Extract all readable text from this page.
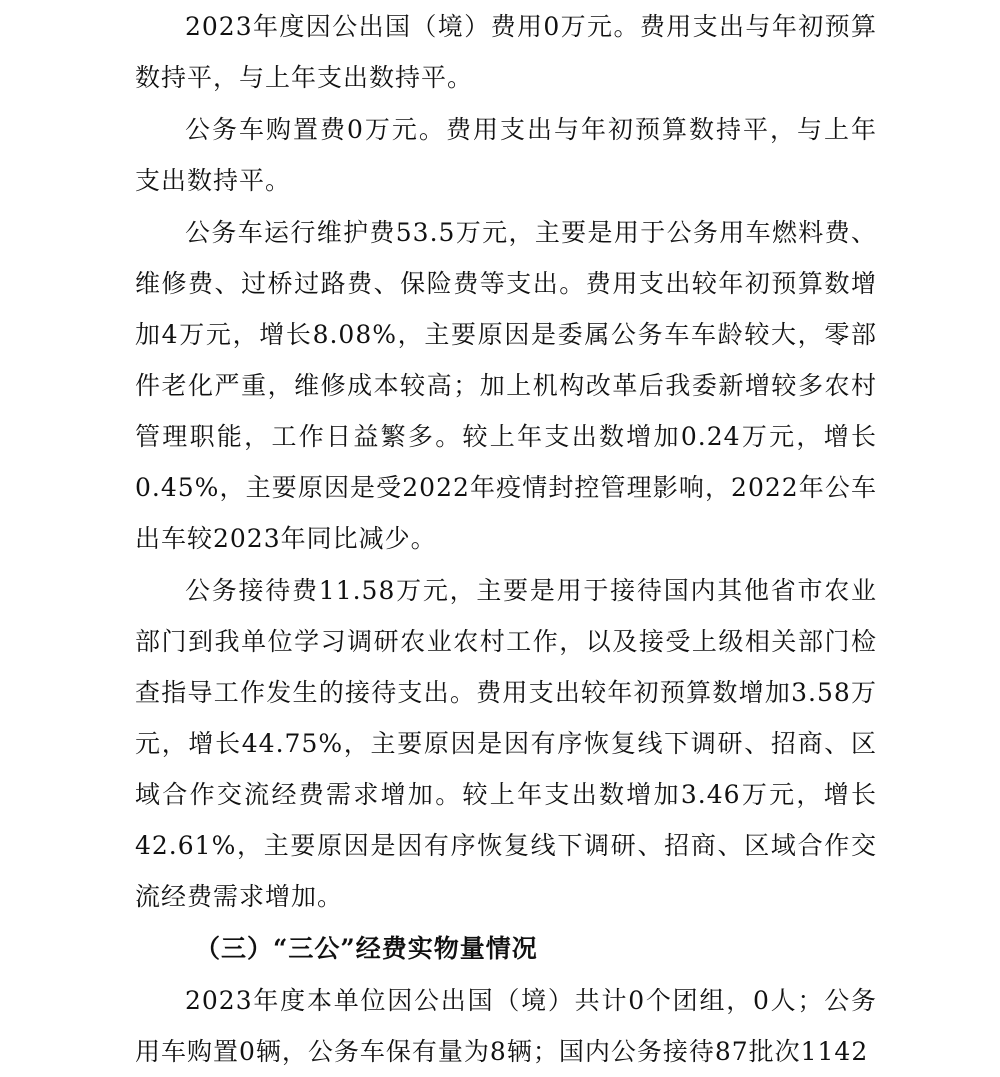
2023年度因公出国（境）费用0万元。费用支出与年初预算数持平，与上年支出数持平。

公务车购置费0万元。费用支出与年初预算数持平，与上年支出数持平。

公务车运行维护费53.5万元，主要是用于公务用车燃料费、维修费、过桥过路费、保险费等支出。费用支出较年初预算数增加4万元，增长8.08%，主要原因是委属公务车车龄较大，零部件老化严重，维修成本较高；加上机构改革后我委新增较多农村管理职能，工作日益繁多。较上年支出数增加0.24万元，增长0.45%，主要原因是受2022年疫情封控管理影响，2022年公车出车较2023年同比减少。

公务接待费11.58万元，主要是用于接待国内其他省市农业部门到我单位学习调研农业农村工作，以及接受上级相关部门检查指导工作发生的接待支出。费用支出较年初预算数增加3.58万元，增长44.75%，主要原因是因有序恢复线下调研、招商、区域合作交流经费需求增加。较上年支出数增加3.46万元，增长42.61%，主要原因是因有序恢复线下调研、招商、区域合作交流经费需求增加。

（三）“三公”经费实物量情况

2023年度本单位因公出国（境）共计0个团组，0人；公务用车购置0辆，公务车保有量为8辆；国内公务接待87批次1142
